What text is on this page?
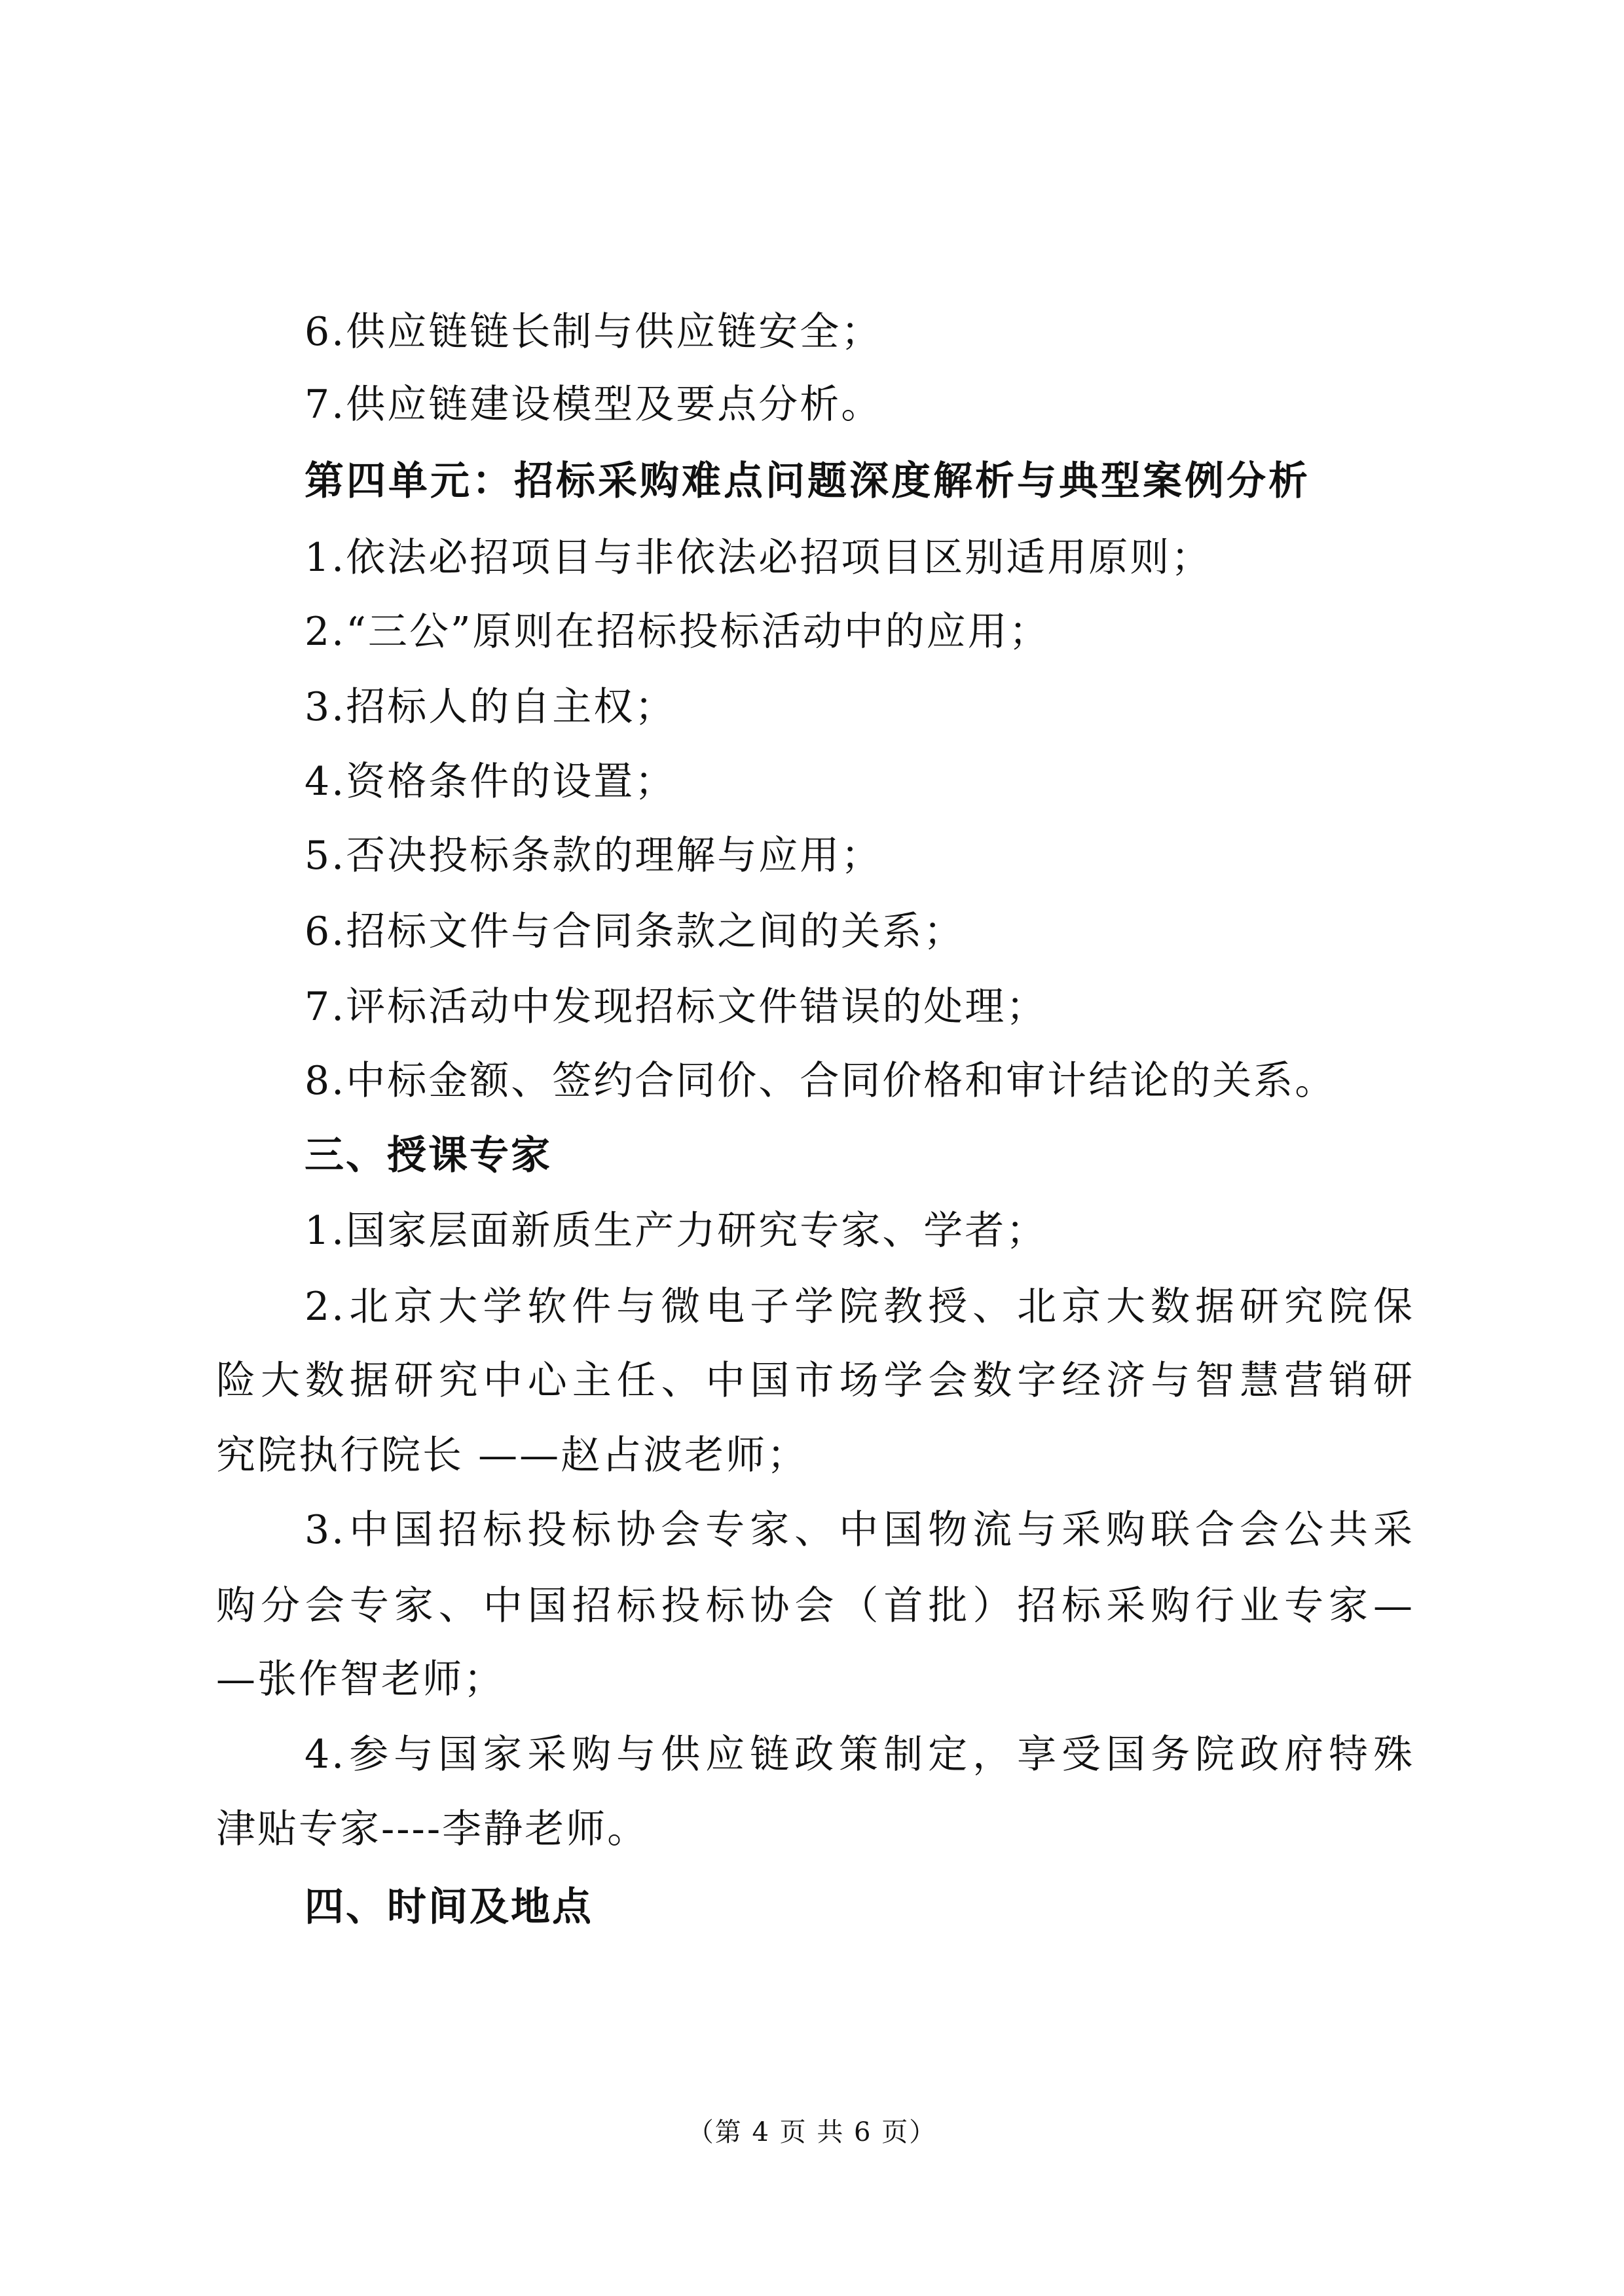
6.供应链链长制与供应链安全；
7.供应链建设模型及要点分析。
第四单元：招标采购难点问题深度解析与典型案例分析
1.依法必招项目与非依法必招项目区别适用原则；
2.“三公”原则在招标投标活动中的应用；
3.招标人的自主权；
4.资格条件的设置；
5.否决投标条款的理解与应用；
6.招标文件与合同条款之间的关系；
7.评标活动中发现招标文件错误的处理；
8.中标金额、签约合同价、合同价格和审计结论的关系。
三、授课专家
1.国家层面新质生产力研究专家、学者；
2.北京大学软件与微电子学院教授、北京大数据研究院保
险大数据研究中心主任、中国市场学会数字经济与智慧营销研
究院执行院长 ——赵占波老师；
3.中国招标投标协会专家、中国物流与采购联合会公共采
购分会专家、中国招标投标协会（首批）招标采购行业专家—
—张作智老师；
4.参与国家采购与供应链政策制定，享受国务院政府特殊
津贴专家----李静老师。
四、时间及地点
（第 4 页 共 6 页）
